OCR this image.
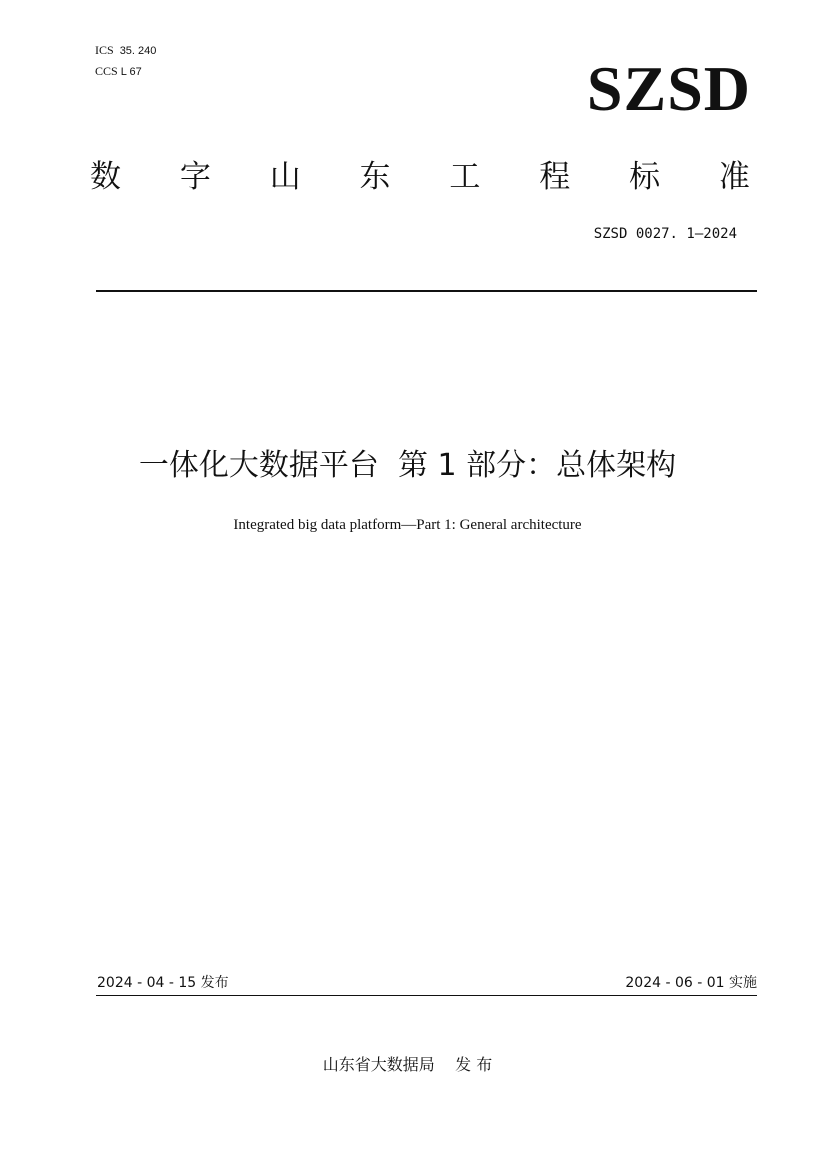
ICS 35. 240
CCS L 67	SZSD
数 字 山 东 工 程 标 准
SZSD 0027. 1—2024
一体化大数据平台  第 1 部分：总体架构
Integrated big data platform—Part 1: General architecture
2024 - 04 - 15 发布	2024 - 06 - 01 实施
山东省大数据局    发 布
